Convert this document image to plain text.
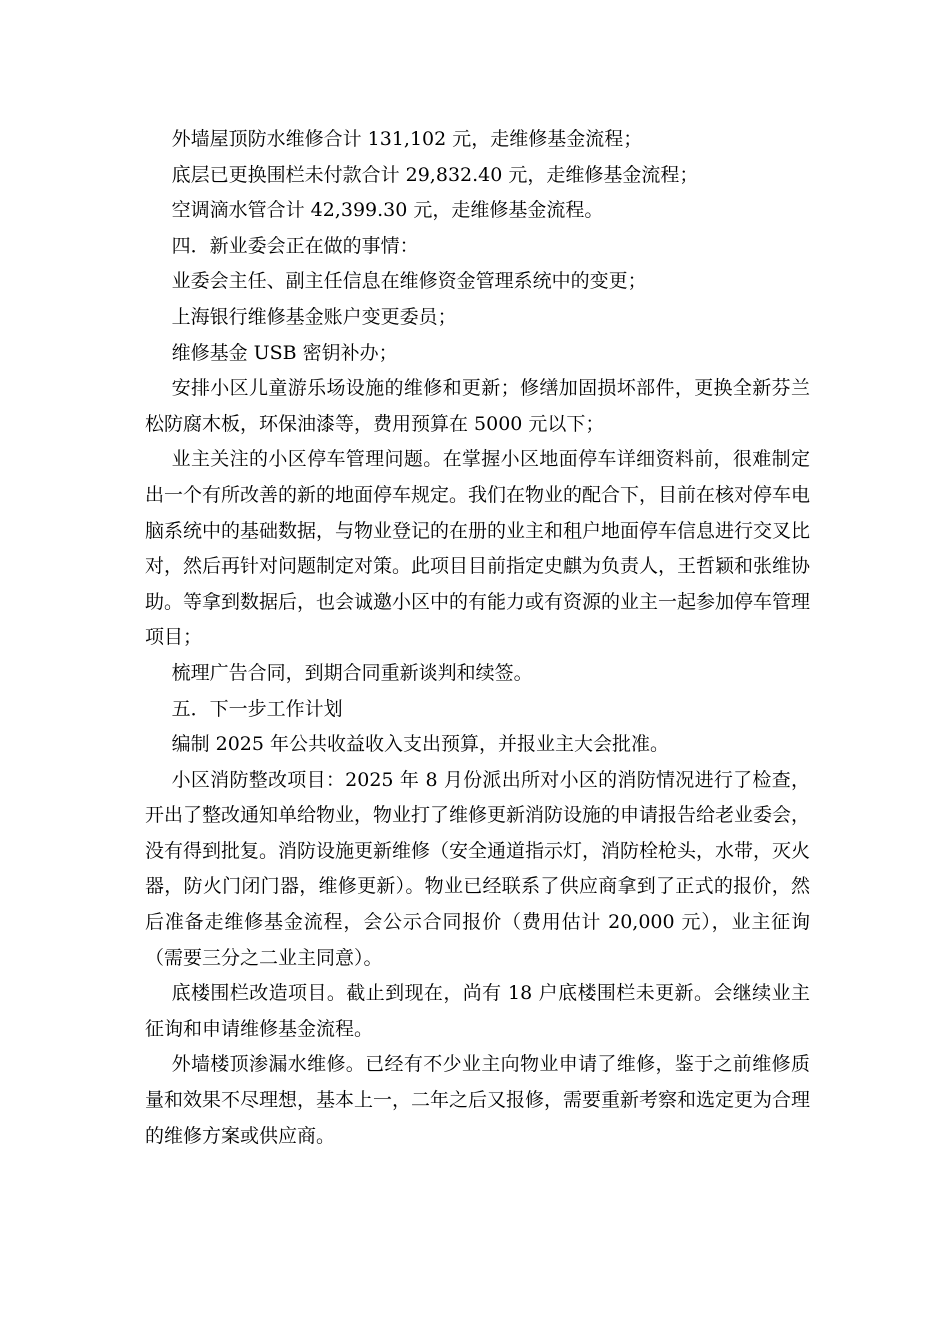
外墙屋顶防水维修合计 131,102 元，走维修基金流程；

底层已更换围栏未付款合计 29,832.40 元，走维修基金流程；

空调滴水管合计 42,399.30 元，走维修基金流程。

四．新业委会正在做的事情：

业委会主任、副主任信息在维修资金管理系统中的变更；

上海银行维修基金账户变更委员；

维修基金 USB 密钥补办；

安排小区儿童游乐场设施的维修和更新；修缮加固损坏部件，更换全新芬兰松防腐木板，环保油漆等，费用预算在 5000 元以下；

业主关注的小区停车管理问题。在掌握小区地面停车详细资料前，很难制定出一个有所改善的新的地面停车规定。我们在物业的配合下，目前在核对停车电脑系统中的基础数据，与物业登记的在册的业主和租户地面停车信息进行交叉比对，然后再针对问题制定对策。此项目目前指定史麒为负责人，王哲颖和张维协助。等拿到数据后，也会诚邀小区中的有能力或有资源的业主一起参加停车管理项目；

梳理广告合同，到期合同重新谈判和续签。

五．下一步工作计划

编制 2025 年公共收益收入支出预算，并报业主大会批准。

小区消防整改项目：2025 年 8 月份派出所对小区的消防情况进行了检查，开出了整改通知单给物业，物业打了维修更新消防设施的申请报告给老业委会，没有得到批复。消防设施更新维修（安全通道指示灯，消防栓枪头，水带，灭火器，防火门闭门器，维修更新）。物业已经联系了供应商拿到了正式的报价，然后准备走维修基金流程，会公示合同报价（费用估计 20,000 元），业主征询（需要三分之二业主同意）。

底楼围栏改造项目。截止到现在，尚有 18 户底楼围栏未更新。会继续业主征询和申请维修基金流程。

外墙楼顶渗漏水维修。已经有不少业主向物业申请了维修，鉴于之前维修质量和效果不尽理想，基本上一，二年之后又报修，需要重新考察和选定更为合理的维修方案或供应商。
